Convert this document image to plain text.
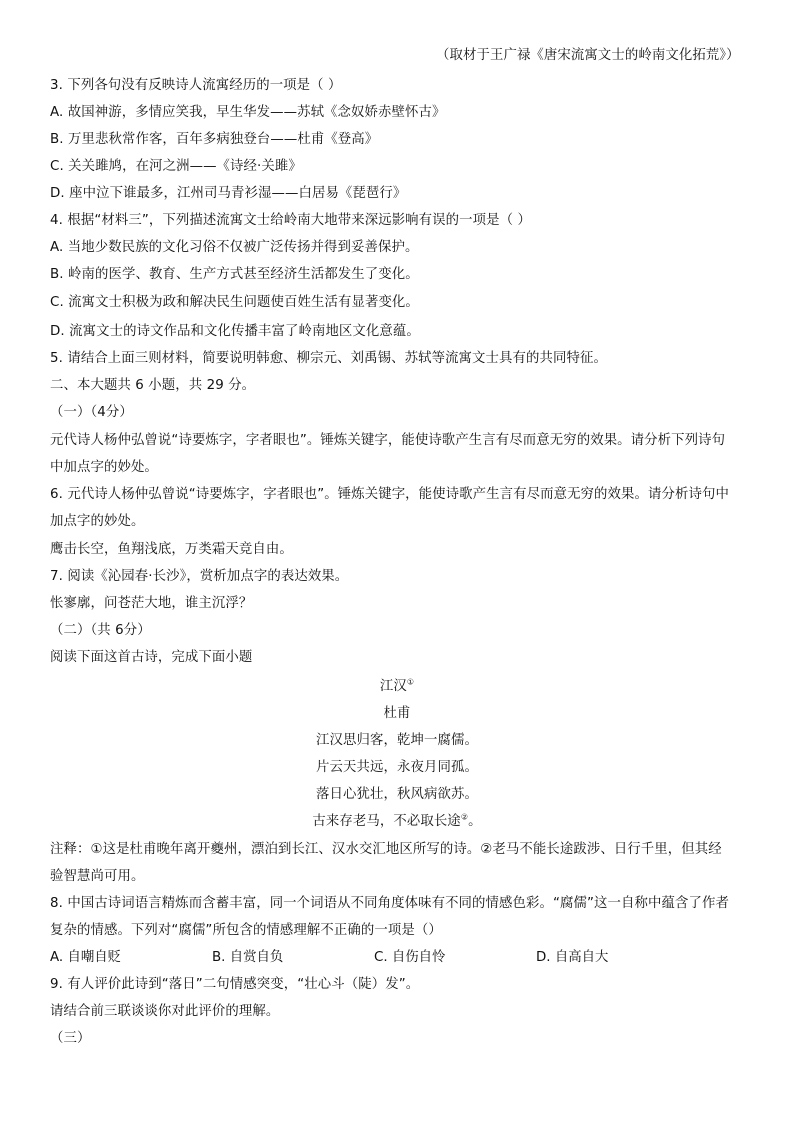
（取材于王广禄《唐宋流寓文士的岭南文化拓荒》）
3. 下列各句没有反映诗人流寓经历的一项是（ ）
A. 故国神游，多情应笑我，早生华发——苏轼《念奴娇赤壁怀古》
B. 万里悲秋常作客，百年多病独登台——杜甫《登高》
C. 关关雎鸠，在河之洲——《诗经·关雎》
D. 座中泣下谁最多，江州司马青衫湿——白居易《琵琶行》
4. 根据“材料三”，下列描述流寓文士给岭南大地带来深远影响有误的一项是（ ）
A. 当地少数民族的文化习俗不仅被广泛传扬并得到妥善保护。
B. 岭南的医学、教育、生产方式甚至经济生活都发生了变化。
C. 流寓文士积极为政和解决民生问题使百姓生活有显著变化。
D. 流寓文士的诗文作品和文化传播丰富了岭南地区文化意蕴。
5. 请结合上面三则材料，简要说明韩愈、柳宗元、刘禹锡、苏轼等流寓文士具有的共同特征。
二、本大题共 6 小题，共 29 分。
（一）（4分）
元代诗人杨仲弘曾说“诗要炼字，字者眼也”。锤炼关键字，能使诗歌产生言有尽而意无穷的效果。请分析下列诗句
中加点字的妙处。
6. 元代诗人杨仲弘曾说“诗要炼字，字者眼也”。锤炼关键字，能使诗歌产生言有尽而意无穷的效果。请分析诗句中
加点字的妙处。
鹰击长空，鱼翔浅底，万类霜天竞自由。
7. 阅读《沁园春·长沙》，赏析加点字的表达效果。
怅寥廓，问苍茫大地，谁主沉浮？
（二）（共 6分）
阅读下面这首古诗，完成下面小题
江汉①
杜甫
江汉思归客，乾坤一腐儒。
片云天共远，永夜月同孤。
落日心犹壮，秋风病欲苏。
古来存老马，不必取长途②。
注释：①这是杜甫晚年离开夔州，漂泊到长江、汉水交汇地区所写的诗。②老马不能长途跋涉、日行千里，但其经
验智慧尚可用。
8. 中国古诗词语言精炼而含蓄丰富，同一个词语从不同角度体味有不同的情感色彩。“腐儒”这一自称中蕴含了作者
复杂的情感。下列对“腐儒”所包含的情感理解不正确的一项是（）
A. 自嘲自贬	B. 自赏自负	C. 自伤自怜	D. 自高自大
9. 有人评价此诗到“落日”二句情感突变，“壮心斗（陡）发”。
请结合前三联谈谈你对此评价的理解。
（三）
